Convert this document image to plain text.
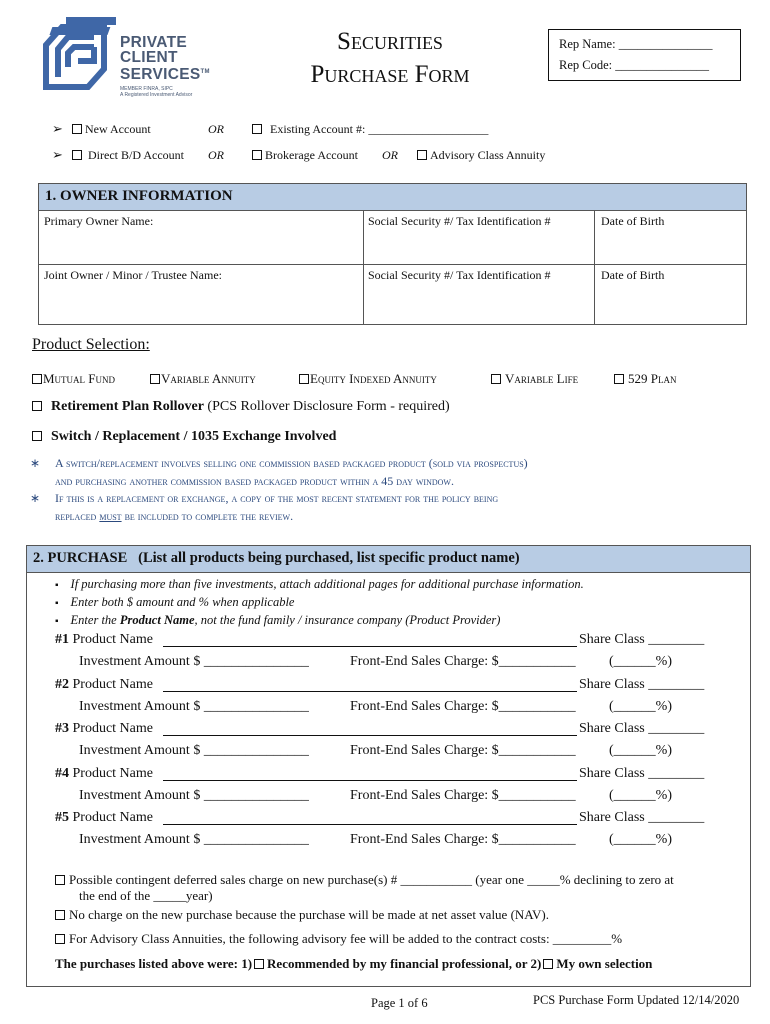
PRIVATE
CLIENT
SERVICES™
MEMBER FINRA, SIPC
A Registered Investment Advisor
Securities
Purchase Form
Rep Name: _______________
Rep Code: _______________
➢	New Account	OR	Existing Account #: ____________________
➢	Direct B/D Account OR	Brokerage Account OR	Advisory Class Annuity
1. OWNER INFORMATION
Primary Owner Name:	Social Security #/ Tax Identification #	Date of Birth
Joint Owner / Minor / Trustee Name:	Social Security #/ Tax Identification #	Date of Birth
Product Selection:
Mutual Fund	Variable Annuity	Equity Indexed Annuity	Variable Life	529 Plan
Retirement Plan Rollover (PCS Rollover Disclosure Form - required)
Switch / Replacement / 1035 Exchange Involved
∗ A switch/replacement involves selling one commission based packaged product (sold via prospectus)
and purchasing another commission based packaged product within a 45 day window.
∗ If this is a replacement or exchange, a copy of the most recent statement for the policy being
replaced must be included to complete the review.
2. PURCHASE   (List all products being purchased, list specific product name)
▪ If purchasing more than five investments, attach additional pages for additional purchase information.
▪ Enter both $ amount and % when applicable
▪ Enter the Product Name, not the fund family / insurance company (Product Provider)
#1 Product Name	Share Class ________
Investment Amount $ _______________	Front-End Sales Charge: $___________ (______%)
#2 Product Name	Share Class ________
Investment Amount $ _______________	Front-End Sales Charge: $___________ (______%)
#3 Product Name	Share Class ________
Investment Amount $ _______________	Front-End Sales Charge: $___________ (______%)
#4 Product Name	Share Class ________
Investment Amount $ _______________	Front-End Sales Charge: $___________ (______%)
#5 Product Name	Share Class ________
Investment Amount $ _______________	Front-End Sales Charge: $___________ (______%)
Possible contingent deferred sales charge on new purchase(s) # ___________ (year one _____% declining to zero at
the end of the _____year)
No charge on the new purchase because the purchase will be made at net asset value (NAV).
For Advisory Class Annuities, the following advisory fee will be added to the contract costs: _________%
The purchases listed above were: 1) Recommended by my financial professional, or 2) My own selection
Page 1 of 6	PCS Purchase Form Updated 12/14/2020
